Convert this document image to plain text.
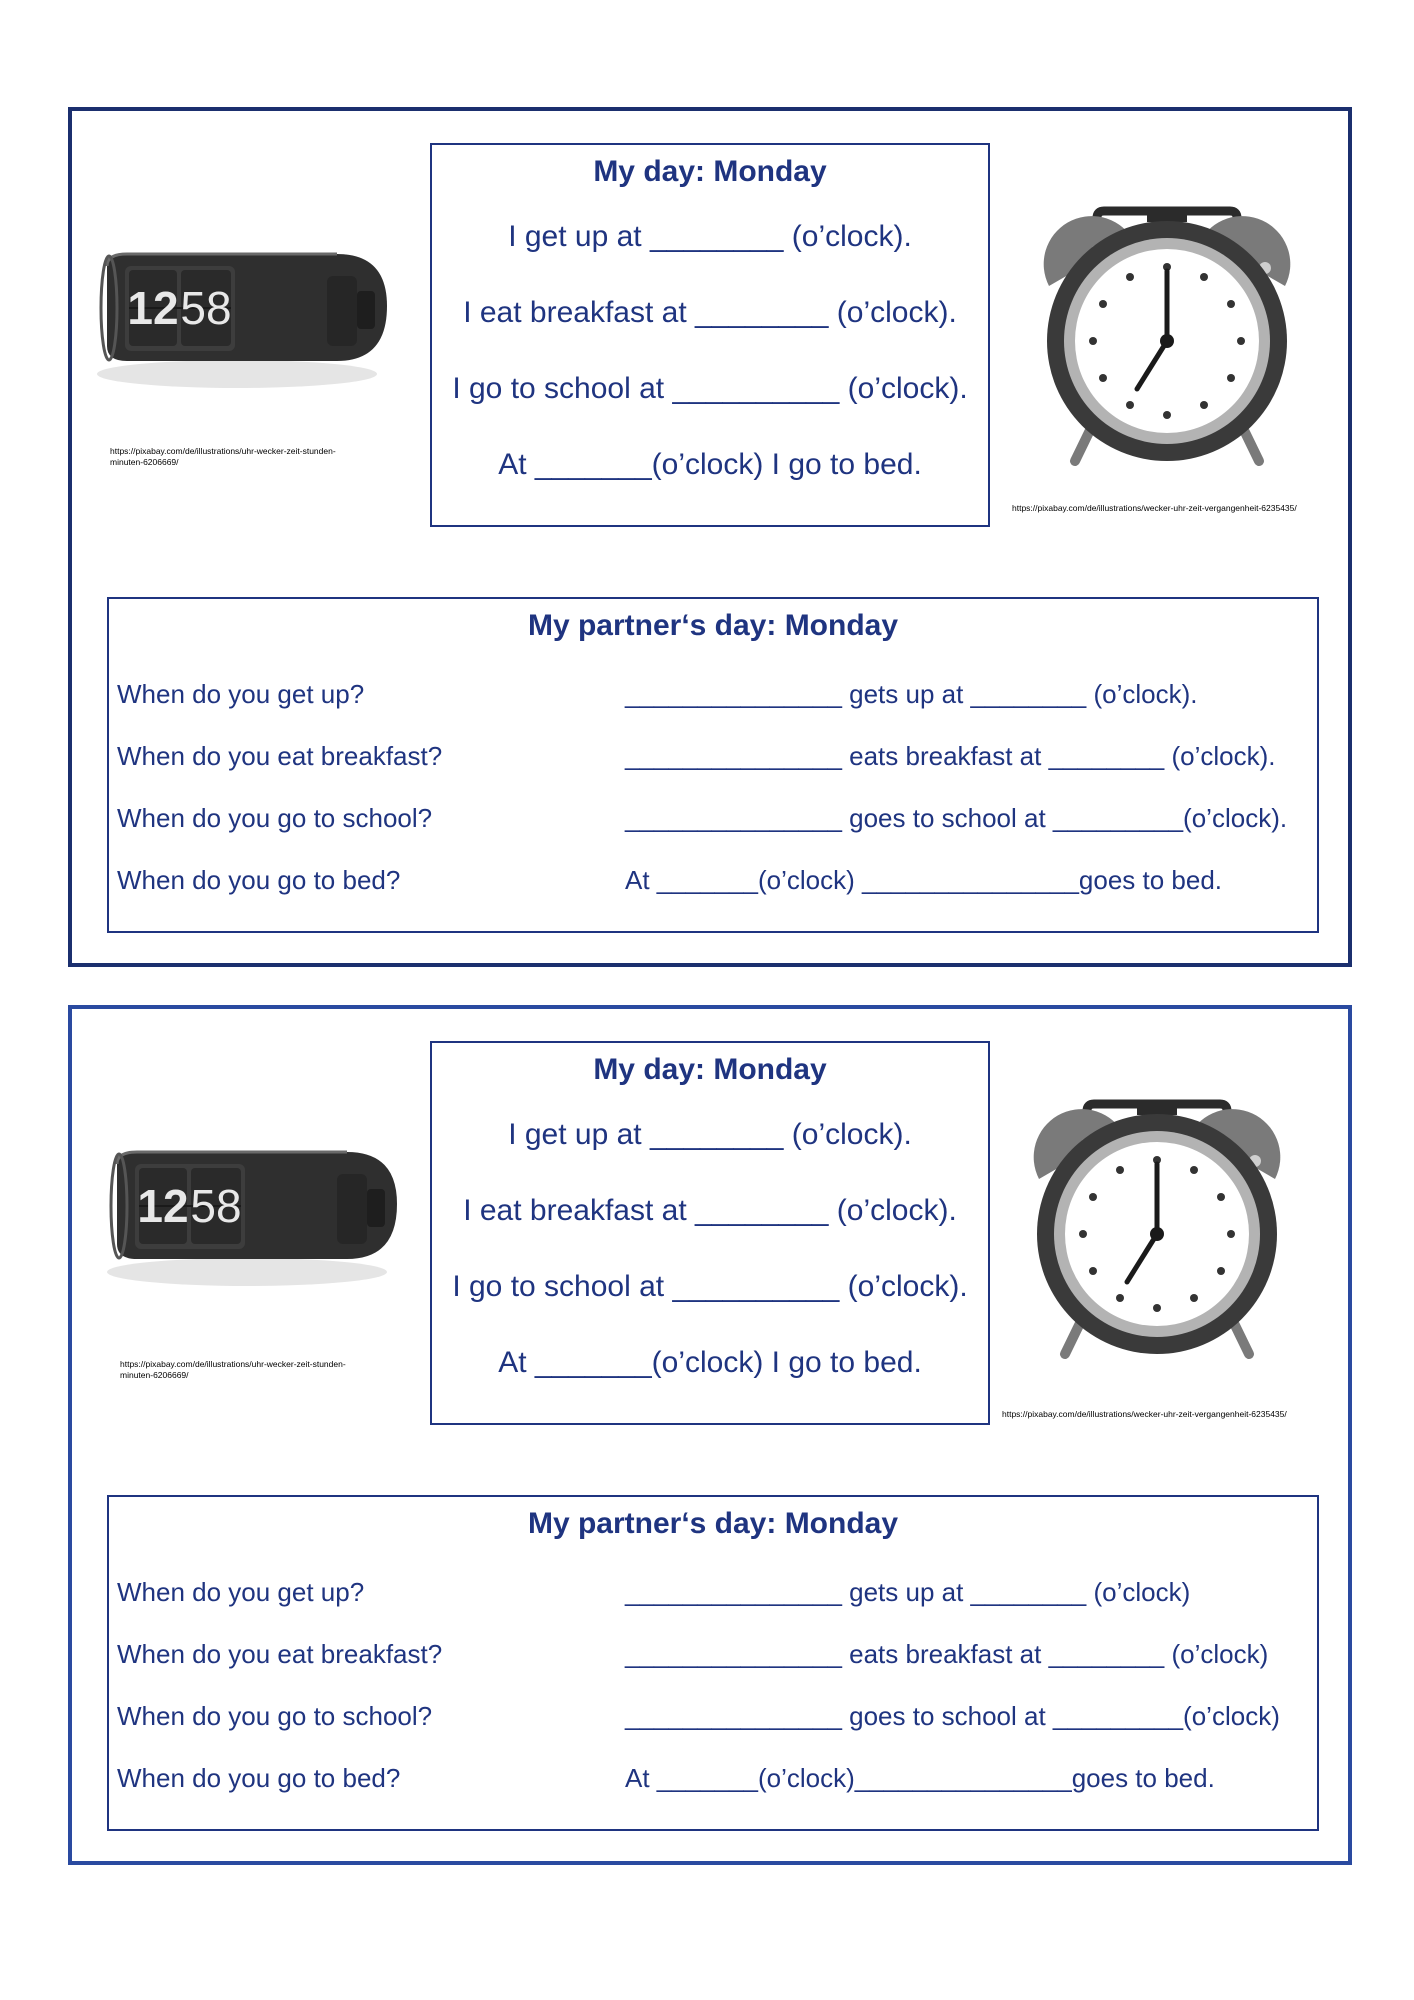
12 58
https://pixabay.com/de/illustrations/uhr-wecker-zeit-stunden-
minuten-6206669/
My day: Monday
I get up at ________ (o’clock).
I eat breakfast at ________ (o’clock).
I go to school at __________ (o’clock).
At _______(o’clock) I go to bed.
https://pixabay.com/de/illustrations/wecker-uhr-zeit-vergangenheit-6235435/
My partner‘s day: Monday
When do you get up?	_______________ gets up at ________ (o’clock).
When do you eat breakfast?	_______________ eats breakfast at ________ (o’clock).
When do you go to school?	_______________ goes to school at _________(o’clock).
When do you go to bed?	At _______(o’clock) _______________goes to bed.
12 58
https://pixabay.com/de/illustrations/uhr-wecker-zeit-stunden-
minuten-6206669/
My day: Monday
I get up at ________ (o’clock).
I eat breakfast at ________ (o’clock).
I go to school at __________ (o’clock).
At _______(o’clock) I go to bed.
https://pixabay.com/de/illustrations/wecker-uhr-zeit-vergangenheit-6235435/
My partner‘s day: Monday
When do you get up?	_______________ gets up at ________ (o’clock)
When do you eat breakfast?	_______________ eats breakfast at ________ (o’clock)
When do you go to school?	_______________ goes to school at _________(o’clock)
When do you go to bed?	At _______(o’clock)_______________goes to bed.
